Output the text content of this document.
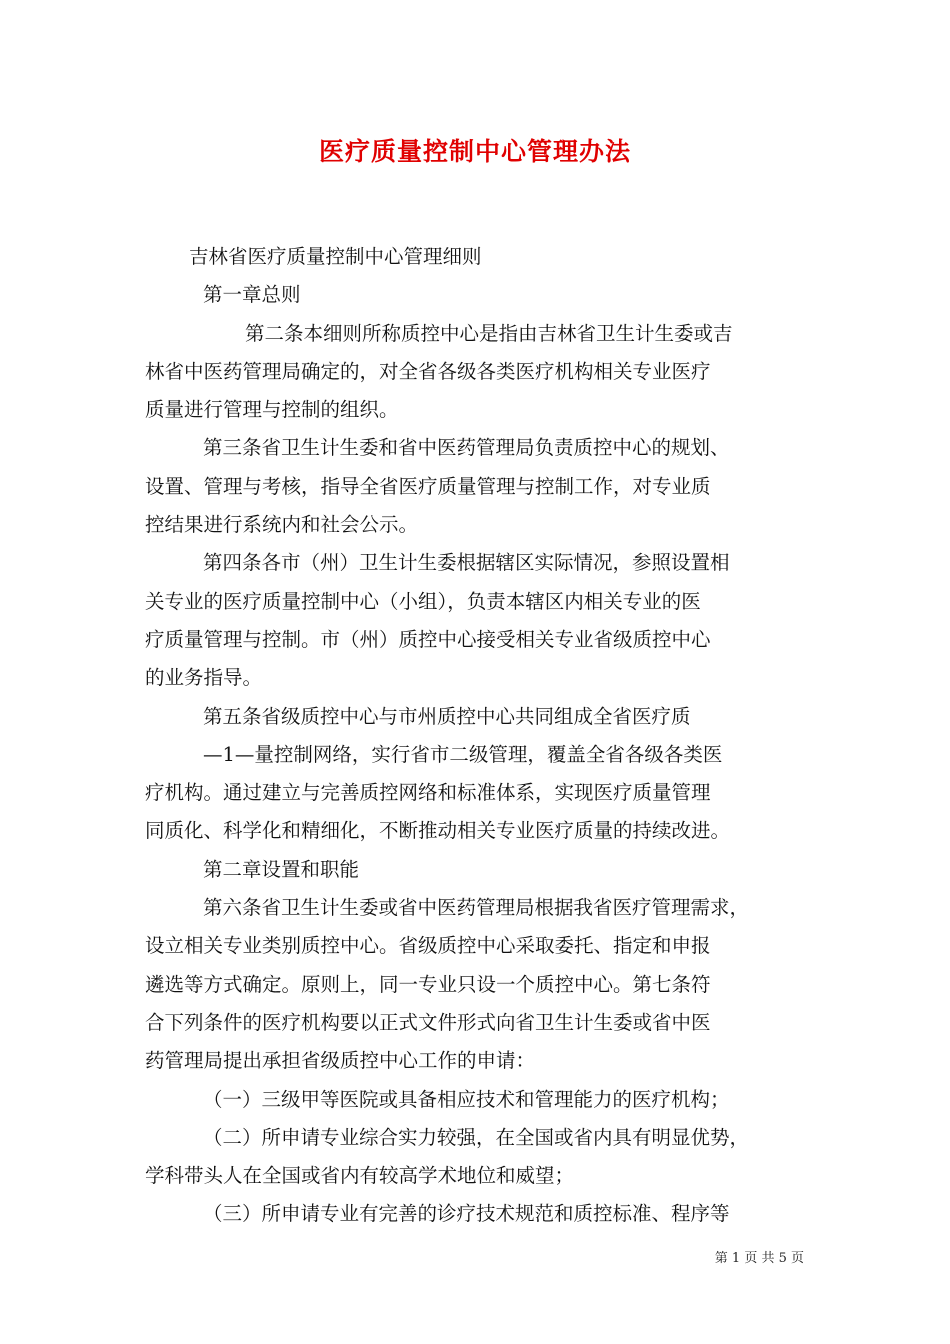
医疗质量控制中心管理办法
吉林省医疗质量控制中心管理细则
第一章总则
第二条本细则所称质控中心是指由吉林省卫生计生委或吉
林省中医药管理局确定的，对全省各级各类医疗机构相关专业医疗
质量进行管理与控制的组织。
第三条省卫生计生委和省中医药管理局负责质控中心的规划、
设置、管理与考核，指导全省医疗质量管理与控制工作，对专业质
控结果进行系统内和社会公示。
第四条各市（州）卫生计生委根据辖区实际情况，参照设置相
关专业的医疗质量控制中心（小组），负责本辖区内相关专业的医
疗质量管理与控制。市（州）质控中心接受相关专业省级质控中心
的业务指导。
第五条省级质控中心与市州质控中心共同组成全省医疗质
—1—量控制网络，实行省市二级管理，覆盖全省各级各类医
疗机构。通过建立与完善质控网络和标准体系，实现医疗质量管理
同质化、科学化和精细化，不断推动相关专业医疗质量的持续改进。
第二章设置和职能
第六条省卫生计生委或省中医药管理局根据我省医疗管理需求，
设立相关专业类别质控中心。省级质控中心采取委托、指定和申报
遴选等方式确定。原则上，同一专业只设一个质控中心。第七条符
合下列条件的医疗机构要以正式文件形式向省卫生计生委或省中医
药管理局提出承担省级质控中心工作的申请：
（一）三级甲等医院或具备相应技术和管理能力的医疗机构；
（二）所申请专业综合实力较强，在全国或省内具有明显优势，
学科带头人在全国或省内有较高学术地位和威望；
（三）所申请专业有完善的诊疗技术规范和质控标准、程序等
第 1 页 共 5 页
